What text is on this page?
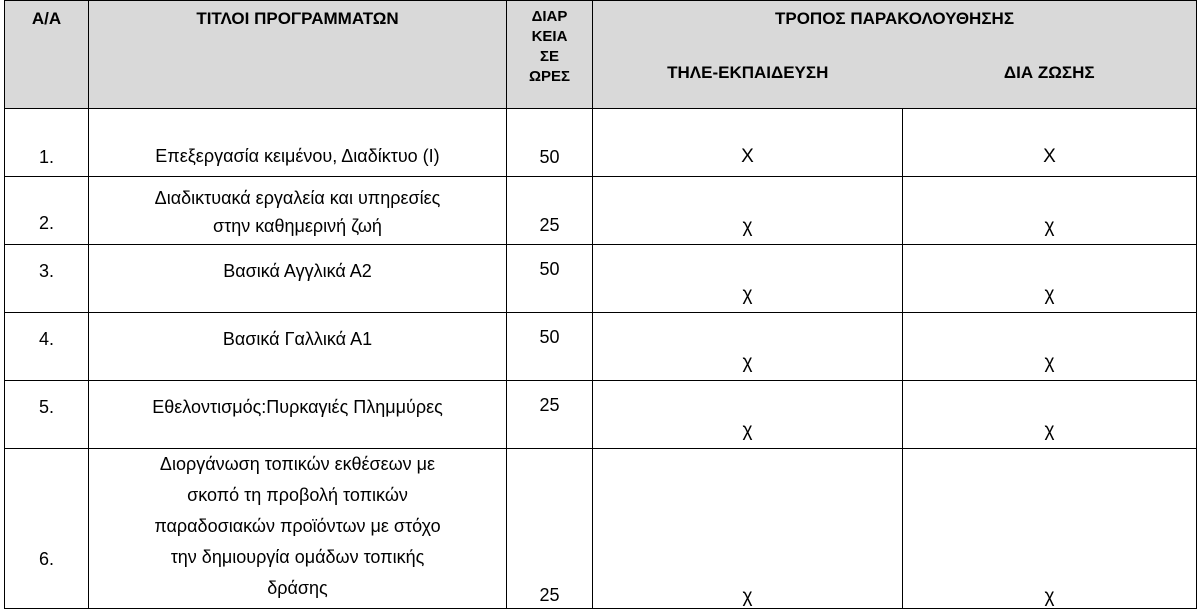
Α/Α	ΤΙΤΛΟΙ ΠΡΟΓΡΑΜΜΑΤΩΝ	ΔΙΑΡ
ΚΕΙΑ
ΣΕ
ΩΡΕΣ	ΤΡΟΠΟΣ ΠΑΡΑΚΟΛΟΥΘΗΣΗΣ	
			ΤΗΛΕ-ΕΚΠΑΙΔΕΥΣΗ	ΔΙΑ ΖΩΣΗΣ
1.	Επεξεργασία κειμένου, Διαδίκτυο (Ι)	50	Χ	Χ
2.	Διαδικτυακά εργαλεία και υπηρεσίες
στην καθημερινή ζωή	25	χ	χ
3.	Βασικά Αγγλικά Α2	50	χ	χ
4.	Βασικά Γαλλικά Α1	50	χ	χ
5.	Εθελοντισμός:Πυρκαγιές Πλημμύρες	25	χ	χ
6.	Διοργάνωση τοπικών εκθέσεων με
σκοπό τη προβολή τοπικών
παραδοσιακών προϊόντων με στόχο
την δημιουργία ομάδων τοπικής
δράσης	25	χ	χ
